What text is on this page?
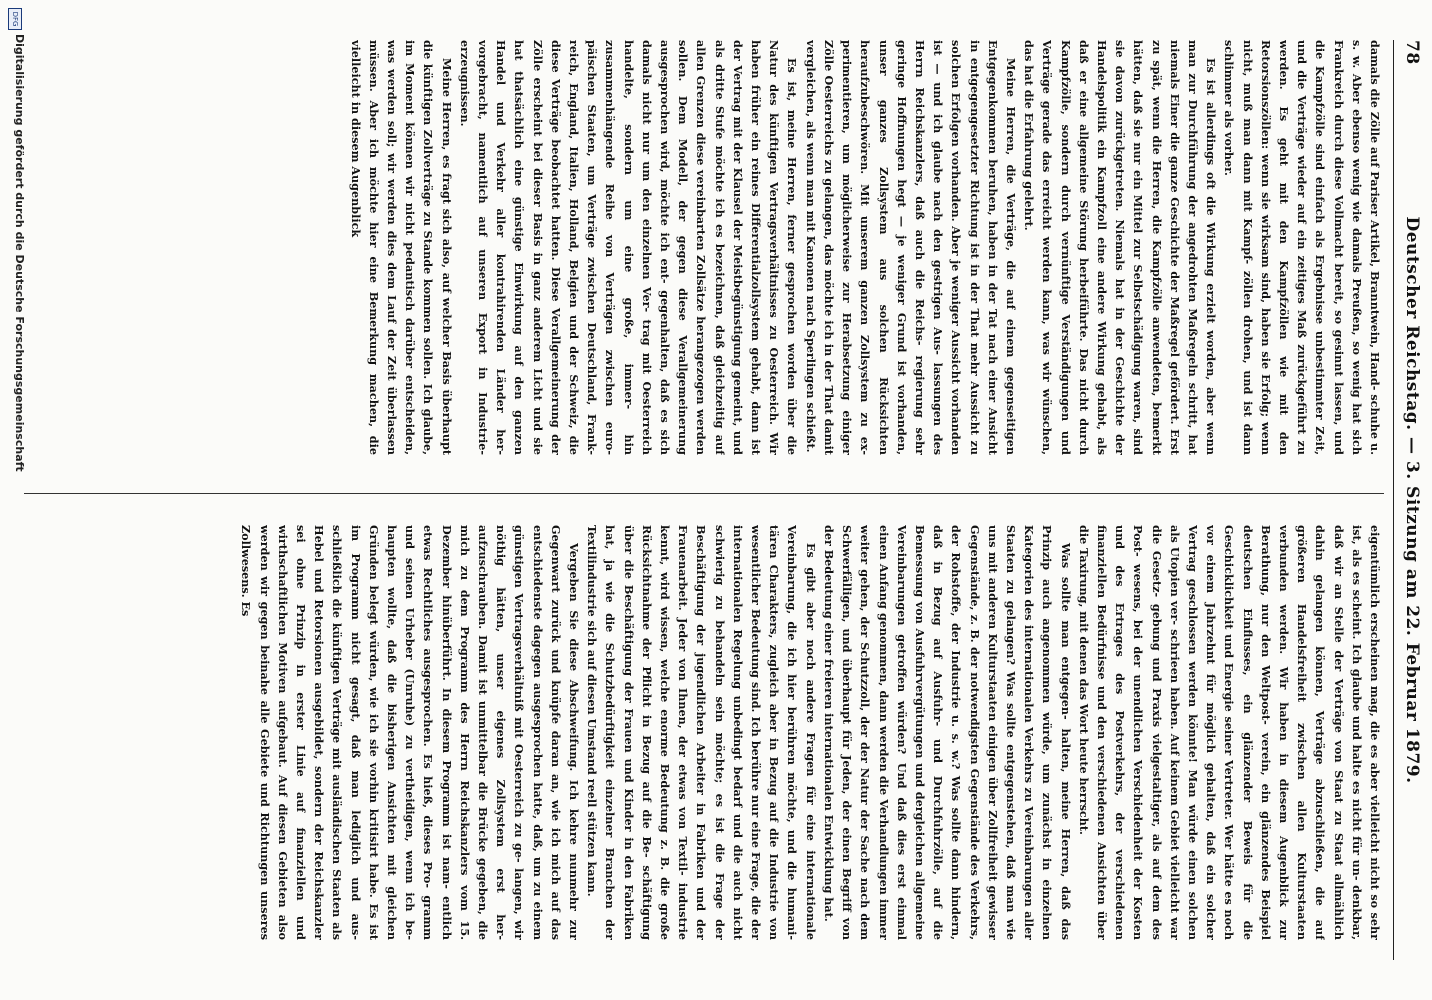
78
Deutscher Reichstag. — 3. Sitzung am 22. Februar 1879.

damals die Zölle auf Pariser Artikel, Branntwein, Hand- schuhe u. s. w. Aber ebenso wenig wie damals Preußen, so wenig hat sich Frankreich durch diese Vollmacht bereit, so gesinnt lassen, und die Kampfzölle sind einfach als Ergebnisse unbestimmter Zeit, und die Verträge wieder auf ein zeitiges Maß zurückgeführt zu werden. Es geht mit den Kampfzöllen wie mit den Retorsionszöllen: wenn sie wirksam sind, haben sie Erfolg; wenn nicht, muß man dann mit Kampf- zöllen drohen, und ist dann schlimmer als vorher.

Es ist allerdings oft die Wirkung erzielt worden, aber wenn man zur Durchführung der angedrohten Maßregeln schritt, hat niemals Einer die ganze Geschichte der Maßregel gefördert. Erst zu spät, wenn die Herren, die Kampfzölle anwendeten, bemerkt hätten, daß sie nur ein Mittel zur Selbstschädigung waren, sind sie davon zurückgetreten. Niemals hat in der Geschichte der Handelspolitik ein Kampfzoll eine andere Wirkung gehabt, als daß er eine allgemeine Störung herbeiführte. Das nicht durch Kampfzölle, sondern durch vernünftige Verständigungen und Verträge gerade das erreicht werden kann, was wir wünschen, das hat die Erfahrung gelehrt.

Meine Herren, die Verträge, die auf einem gegenseitigen Entgegenkommen beruhen, haben in der Tat nach einer Ansicht in entgegengesetzter Richtung ist in der That mehr Aussicht zu solchen Erfolgen vorhanden. Aber je weniger Aussicht vorhanden ist — und ich glaube nach den gestrigen Aus- lassungen des Herrn Reichskanzlers, daß auch die Reichs- regierung sehr geringe Hoffnungen hegt — je weniger Grund ist vorhanden, unser ganzes Zollsystem aus solchen Rücksichten heraufzubeschwören. Mit unserem ganzen Zollsystem zu ex- perimentieren, um möglicherweise zur Herabsetzung einiger Zölle Oesterreichs zu gelangen, das möchte ich in der That damit vergleichen, als wenn man mit Kanonen nach Sperlingen schießt.

Es ist, meine Herren, ferner gesprochen worden über die Natur des künftigen Vertragsverhältnisses zu Oesterreich. Wir haben früher ein reines Differentialzollsystem gehabt, dann ist der Vertrag mit der Klausel der Meistbegünstigung gemeint, und als dritte Stufe möchte ich es bezeichnen, daß gleichzeitig auf allen Grenzen diese vereinbarten Zollsätze herangezogen werden sollen. Dem Modell, der gegen diese Verallgemeinerung ausgesprochen wird, möchte ich ent- gegenhalten, daß es sich damals nicht nur um den einzelnen Ver- trag mit Oesterreich handelte, sondern um eine große, immer- hin zusammenhängende Reihe von Verträgen zwischen euro- päischen Staaten, um Verträge zwischen Deutschland, Frank- reich, England, Italien, Holland, Belgien und der Schweiz, die diese Verträge beobachtet hatten. Diese Verallgemeinerung der Zölle erscheint bei dieser Basis in ganz anderem Licht und sie hat thatsächlich eine günstige Einwirkung auf den ganzen Handel und Verkehr aller kontrahirenden Länder her- vorgebracht, namentlich auf unseren Export in Industrie- erzeugnissen.

Meine Herren, es fragt sich also, auf welcher Basis überhaupt die künftigen Zollverträge zu Stande kommen sollen. Ich glaube, im Moment können wir nicht pedantisch darüber entscheiden, was werden soll; wir werden dies dem Lauf der Zeit überlassen müssen. Aber ich möchte hier eine Bemerkung machen, die vielleicht in diesem Augenblick

eigentümlich erscheinen mag, die es aber vielleicht nicht so sehr ist, als es scheint. Ich glaube und halte es nicht für un- denkbar, daß wir an Stelle der Verträge von Staat zu Staat allmählich dahin gelangen können, Verträge abzuschließen, die auf größeren Handelsfreiheit zwischen allen Kulturstaaten verbunden werden. Wir haben in diesem Augenblick zur Berathung, nur den Weltpost- verein, ein glänzendes Beispiel deutschen Einflusses, ein glänzender Beweis für die Geschicklichkeit und Energie seiner Vertreter. Wer hätte es noch vor einem Jahrzehnt für möglich gehalten, daß ein solcher Vertrag geschlossen werden könnte! Man würde einen solchen als Utopien ver- schrieen haben. Auf keinem Gebiet vielleicht war die Gesetz- gebung und Praxis vielgestaltiger, als auf dem des Post- wesens, bei der unendlichen Verschiedenheit der Kosten und des Ertrages des Postverkehrs, der verschiedenen finanziellen Bedürfnisse und den verschiedenen Ansichten über die Taxirung, mit denen das Wort heute herrscht.

Was sollte man entgegen- halten, meine Herren, daß das Prinzip auch angenommen würde, um zunächst in einzelnen Kategorien des internationalen Verkehrs zu Vereinbarungen aller Staaten zu gelangen? Was sollte entgegenstehen, daß man wie uns mit anderen Kulturstaaten einigen über Zollfreiheit gewisser Gegenstände, z. B. der notwendigsten Gegenstände des Verkehrs, der Rohstoffe, der Industrie u. s. w.? Was sollte dann hindern, daß in Bezug auf Ausfuhr- und Durchfuhrzölle, auf die Bemessung von Ausfuhrvergütungen und dergleichen allgemeine Vereinbarungen getroffen würden? Und daß dies erst einmal einen Anfang genommen, dann werden die Verhandlungen immer weiter gehen, der Schutzzoll, der der Natur der Sache nach dem Schwerfälligen, und überhaupt für Jeden, der einen Begriff von der Bedeutung einer freieren internationalen Entwicklung hat.

Es gibt aber noch andere Fragen für eine internationale Vereinbarung, die ich hier berühren möchte, und die humani- tären Charakters, zugleich aber in Bezug auf die Industrie von wesentlicher Bedeutung sind. Ich berühre nur eine Frage, die der internationalen Regelung unbedingt bedarf und die auch nicht schwierig zu behandeln sein möchte; es ist die Frage der Beschäftigung der jugendlichen Arbeiter in Fabriken und der Frauenarbeit. Jeder von Ihnen, der etwas von Textil- industrie kennt, wird wissen, welche enorme Bedeutung z. B. die große Rücksichtnahme der Pflicht in Bezug auf die Be- schäftigung über die Beschäftigung der Frauen und Kinder in den Fabriken hat, ja wie die Schutzbedürftigkeit einzelner Branchen der Textilindustrie sich auf diesen Umstand reell stützen kann.

Vergeben Sie diese Abschweifung. Ich kehre nunmehr zur Gegenwart zurück und knüpfe daran an, wie ich mich auf das entschiedenste dagegen ausgesprochen hatte, daß, um zu einem günstigen Vertragsverhältniß mit Oesterreich zu ge- langen, wir nöthig hätten, unser eigenes Zollsystem erst her- aufzuschrauben. Damit ist unmittelbar die Brücke gegeben, die mich zu dem Programm des Herrn Reichskanzlers vom 15. Dezember hinüberführt. In diesem Programm ist nam- entlich etwas Rechtliches ausgesprochen. Es hieß, dieses Pro- gramm und seinen Urheber (Unruhe) zu vertheidigen, wenn ich be- haupten wollte, daß die bisherigen Ansichten mit gleichen Gründen belegt würden, wie ich sie vorhin kritisirt habe. Es ist im Programm nicht gesagt, daß man lediglich und aus- schließlich die künftigen Verträge mit ausländischen Staaten als Hebel und Retorsionen ausgebildet, sondern der Reichskanzler sei ohne Prinzip in erster Linie auf finanziellen und wirthschaftlichen Motiven aufgebaut. Auf diesen Gebieten also werden wir gegen beinahe alle Gebiete und Richtungen unseres Zollwesens. Es

DFG
Digitalisierung gefördert durch die Deutsche Forschungsgemeinschaft
